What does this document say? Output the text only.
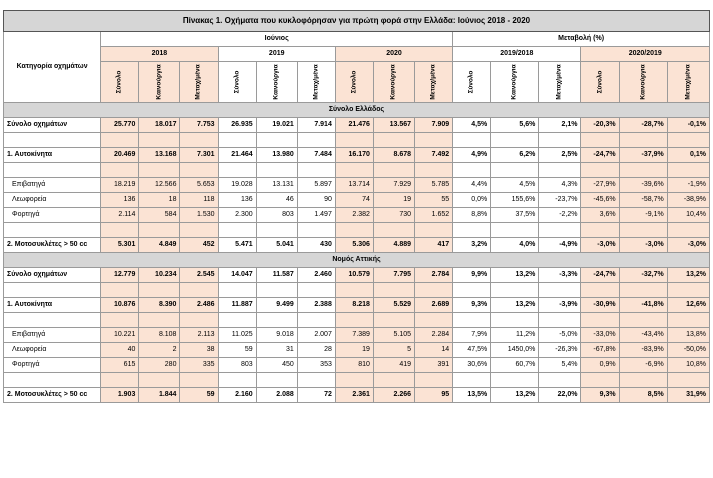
Πίνακας 1. Οχήματα που κυκλοφόρησαν για πρώτη φορά στην Ελλάδα: Ιούνιος 2018 - 2020															
Κατηγορία οχημάτων	Ιούνιος									Μεταβολή (%)					
	2018			2019			2020			2019/2018			2020/2019		
	Σύνολο	Καινούργια	Μεταχ/μένα	Σύνολο	Καινούργια	Μεταχ/μένα	Σύνολο	Καινούργια	Μεταχ/μένα	Σύνολο	Καινούργια	Μεταχ/μένα	Σύνολο	Καινούργια	Μεταχ/μένα
Σύνολο Ελλάδος															
Σύνολο οχημάτων	25.770	18.017	7.753	26.935	19.021	7.914	21.476	13.567	7.909	4,5%	5,6%	2,1%	-20,3%	-28,7%	-0,1%

1. Αυτοκίνητα	20.469	13.168	7.301	21.464	13.980	7.484	16.170	8.678	7.492	4,9%	6,2%	2,5%	-24,7%	-37,9%	0,1%

Επιβατηγά	18.219	12.566	5.653	19.028	13.131	5.897	13.714	7.929	5.785	4,4%	4,5%	4,3%	-27,9%	-39,6%	-1,9%
Λεωφορεία	136	18	118	136	46	90	74	19	55	0,0%	155,6%	-23,7%	-45,6%	-58,7%	-38,9%
Φορτηγά	2.114	584	1.530	2.300	803	1.497	2.382	730	1.652	8,8%	37,5%	-2,2%	3,6%	-9,1%	10,4%

2. Μοτοσυκλέτες > 50 cc	5.301	4.849	452	5.471	5.041	430	5.306	4.889	417	3,2%	4,0%	-4,9%	-3,0%	-3,0%	-3,0%
Νομός Αττικής															
Σύνολο οχημάτων	12.779	10.234	2.545	14.047	11.587	2.460	10.579	7.795	2.784	9,9%	13,2%	-3,3%	-24,7%	-32,7%	13,2%

1. Αυτοκίνητα	10.876	8.390	2.486	11.887	9.499	2.388	8.218	5.529	2.689	9,3%	13,2%	-3,9%	-30,9%	-41,8%	12,6%

Επιβατηγά	10.221	8.108	2.113	11.025	9.018	2.007	7.389	5.105	2.284	7,9%	11,2%	-5,0%	-33,0%	-43,4%	13,8%
Λεωφορεία	40	2	38	59	31	28	19	5	14	47,5%	1450,0%	-26,3%	-67,8%	-83,9%	-50,0%
Φορτηγά	615	280	335	803	450	353	810	419	391	30,6%	60,7%	5,4%	0,9%	-6,9%	10,8%

2. Μοτοσυκλέτες > 50 cc	1.903	1.844	59	2.160	2.088	72	2.361	2.266	95	13,5%	13,2%	22,0%	9,3%	8,5%	31,9%
